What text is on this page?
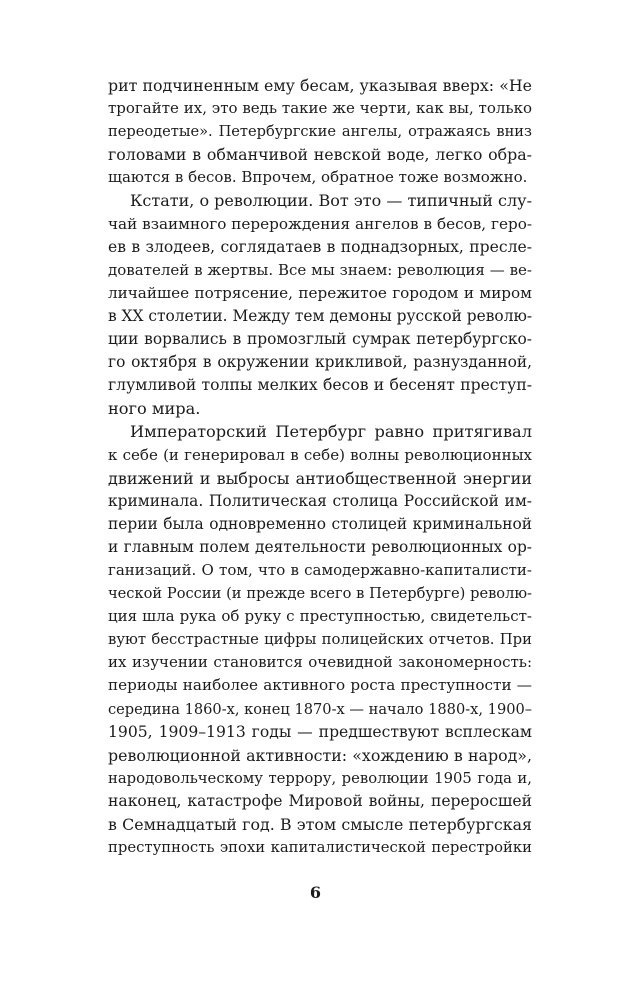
рит подчиненным ему бесам, указывая вверх: «Не
трогайте их, это ведь такие же черти, как вы, только
переодетые». Петербургские ангелы, отражаясь вниз
головами в обманчивой невской воде, легко обра-
щаются в бесов. Впрочем, обратное тоже возможно.
Кстати, о революции. Вот это — типичный слу-
чай взаимного перерождения ангелов в бесов, геро-
ев в злодеев, соглядатаев в поднадзорных, пресле-
дователей в жертвы. Все мы знаем: революция — ве-
личайшее потрясение, пережитое городом и миром
в XX столетии. Между тем демоны русской револю-
ции ворвались в промозглый сумрак петербургско-
го октября в окружении крикливой, разнузданной,
глумливой толпы мелких бесов и бесенят преступ-
ного мира.
Императорский Петербург равно притягивал
к себе (и генерировал в себе) волны революционных
движений и выбросы антиобщественной энергии
криминала. Политическая столица Российской им-
перии была одновременно столицей криминальной
и главным полем деятельности революционных ор-
ганизаций. О том, что в самодержавно-капиталисти-
ческой России (и прежде всего в Петербурге) револю-
ция шла рука об руку с преступностью, свидетельст-
вуют бесстрастные цифры полицейских отчетов. При
их изучении становится очевидной закономерность:
периоды наиболее активного роста преступности —
середина 1860-х, конец 1870-х — начало 1880-х, 1900–
1905, 1909–1913 годы — предшествуют всплескам
революционной активности: «хождению в народ»,
народовольческому террору, революции 1905 года и,
наконец, катастрофе Мировой войны, переросшей
в Семнадцатый год. В этом смысле петербургская
преступность эпохи капиталистической перестройки
6
